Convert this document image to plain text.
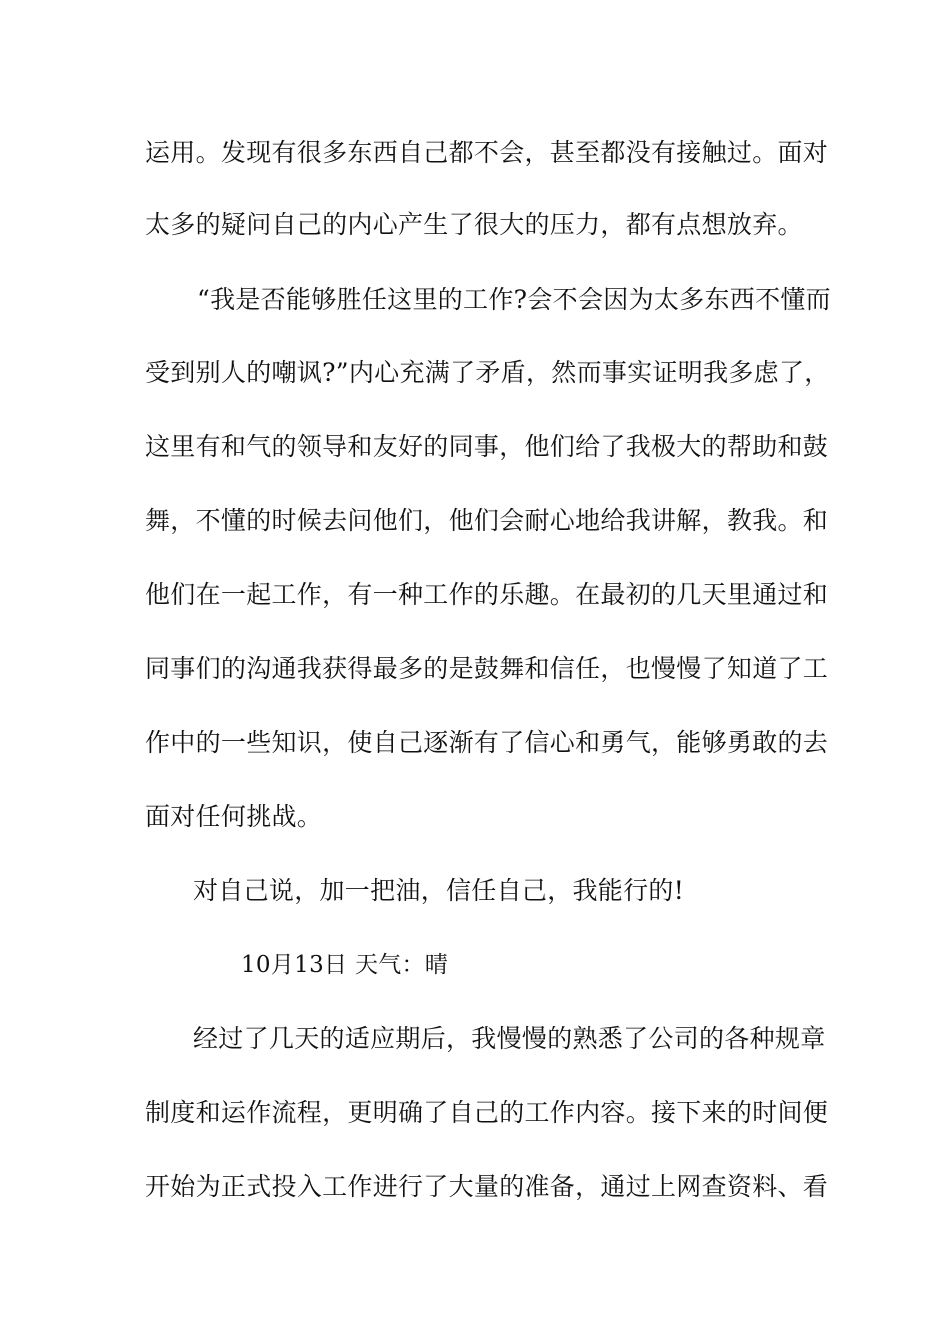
运用。发现有很多东西自己都不会，甚至都没有接触过。面对
太多的疑问自己的内心产生了很大的压力，都有点想放弃。
“我是否能够胜任这里的工作?会不会因为太多东西不懂而
受到别人的嘲讽?”内心充满了矛盾，然而事实证明我多虑了，
这里有和气的领导和友好的同事，他们给了我极大的帮助和鼓
舞，不懂的时候去问他们，他们会耐心地给我讲解，教我。和
他们在一起工作，有一种工作的乐趣。在最初的几天里通过和
同事们的沟通我获得最多的是鼓舞和信任，也慢慢了知道了工
作中的一些知识，使自己逐渐有了信心和勇气，能够勇敢的去
面对任何挑战。
对自己说，加一把油，信任自己，我能行的!
10月13日 天气：晴
经过了几天的适应期后，我慢慢的熟悉了公司的各种规章
制度和运作流程，更明确了自己的工作内容。接下来的时间便
开始为正式投入工作进行了大量的准备，通过上网查资料、看
